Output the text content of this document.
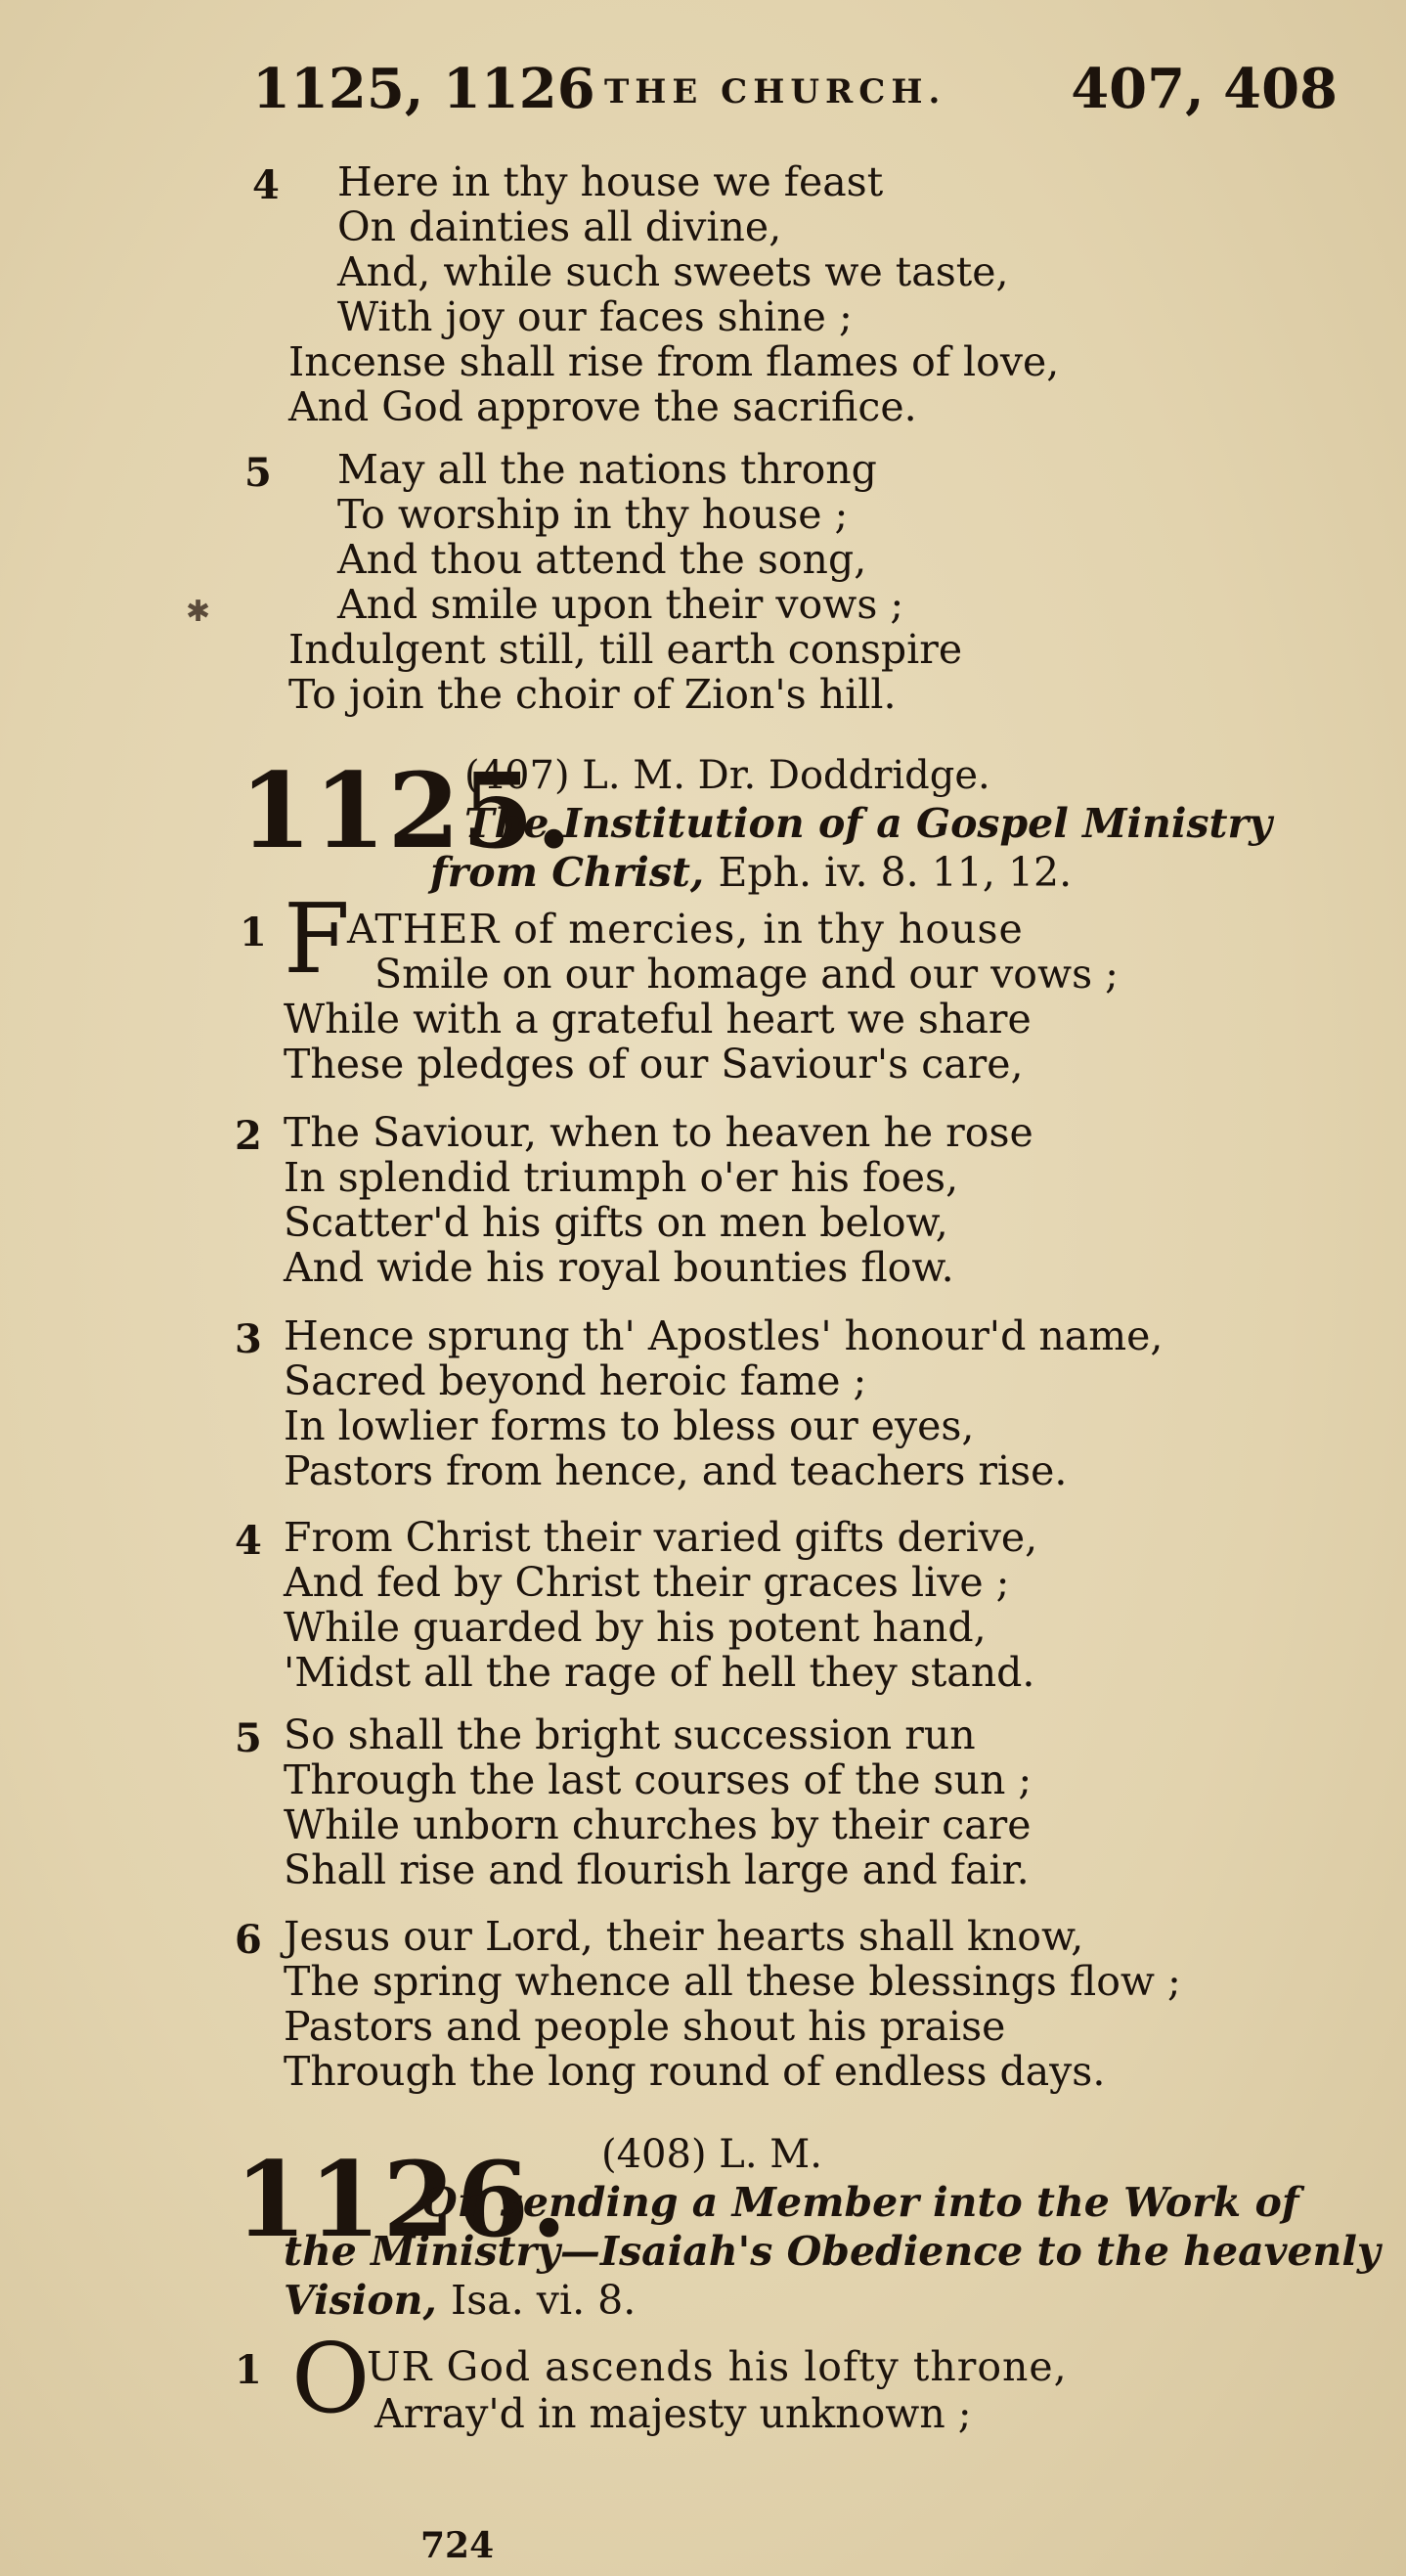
1125, 1126 THE CHURCH. 407, 408
4 Here in thy house we feast
On dainties all divine,
And, while such sweets we taste,
With joy our faces shine ;
Incense shall rise from flames of love,
And God approve the sacrifice.
5 May all the nations throng
To worship in thy house ;
And thou attend the song,
And smile upon their vows ;
Indulgent still, till earth conspire
To join the choir of Zion's hill.
✱
1125.
(407) L. M. Dr. Doddridge.
The Institution of a Gospel Ministry
from Christ, Eph. iv. 8. 11, 12.
1 F
ATHER of mercies, in thy house
Smile on our homage and our vows ;
While with a grateful heart we share
These pledges of our Saviour's care,
2 The Saviour, when to heaven he rose
In splendid triumph o'er his foes,
Scatter'd his gifts on men below,
And wide his royal bounties flow.
3 Hence sprung th' Apostles' honour'd name,
Sacred beyond heroic fame ;
In lowlier forms to bless our eyes,
Pastors from hence, and teachers rise.
4 From Christ their varied gifts derive,
And fed by Christ their graces live ;
While guarded by his potent hand,
'Midst all the rage of hell they stand.
5 So shall the bright succession run
Through the last courses of the sun ;
While unborn churches by their care
Shall rise and flourish large and fair.
6 Jesus our Lord, their hearts shall know,
The spring whence all these blessings flow ;
Pastors and people shout his praise
Through the long round of endless days.
1126. (408) L. M.
On sending a Member into the Work of
the Ministry—Isaiah's Obedience to the heavenly
Vision, Isa. vi. 8.
1 O
UR God ascends his lofty throne,
Array'd in majesty unknown ;
724
